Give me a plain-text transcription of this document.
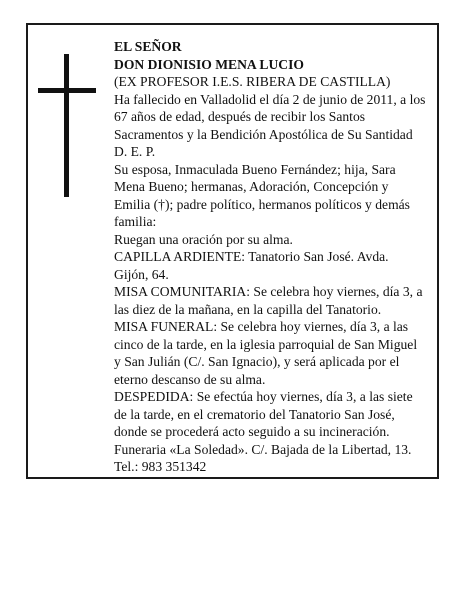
EL SEÑOR

DON DIONISIO MENA LUCIO

(EX PROFESOR I.E.S. RIBERA DE CASTILLA)

Ha fallecido en Valladolid el día 2 de junio de 2011, a los 67 años de edad, después de recibir los Santos Sacramentos y la Bendición Apostólica de Su Santidad D. E. P.

Su esposa, Inmaculada Bueno Fernández; hija, Sara Mena Bueno; hermanas, Adoración, Concepción y Emilia (†); padre político, hermanos políticos y demás familia:

Ruegan una oración por su alma.

CAPILLA ARDIENTE: Tanatorio San José. Avda. Gijón, 64.

MISA COMUNITARIA: Se celebra hoy viernes, día 3, a las diez de la mañana, en la capilla del Tanatorio.

MISA FUNERAL: Se celebra hoy viernes, día 3, a las cinco de la tarde, en la iglesia parroquial de San Miguel y San Julián (C/. San Ignacio), y será aplicada por el eterno descanso de su alma.

DESPEDIDA: Se efectúa hoy viernes, día 3, a las siete de la tarde, en el crematorio del Tanatorio San José, donde se procederá acto seguido a su incineración.

Funeraria «La Soledad». C/. Bajada de la Libertad, 13. Tel.: 983 351342
